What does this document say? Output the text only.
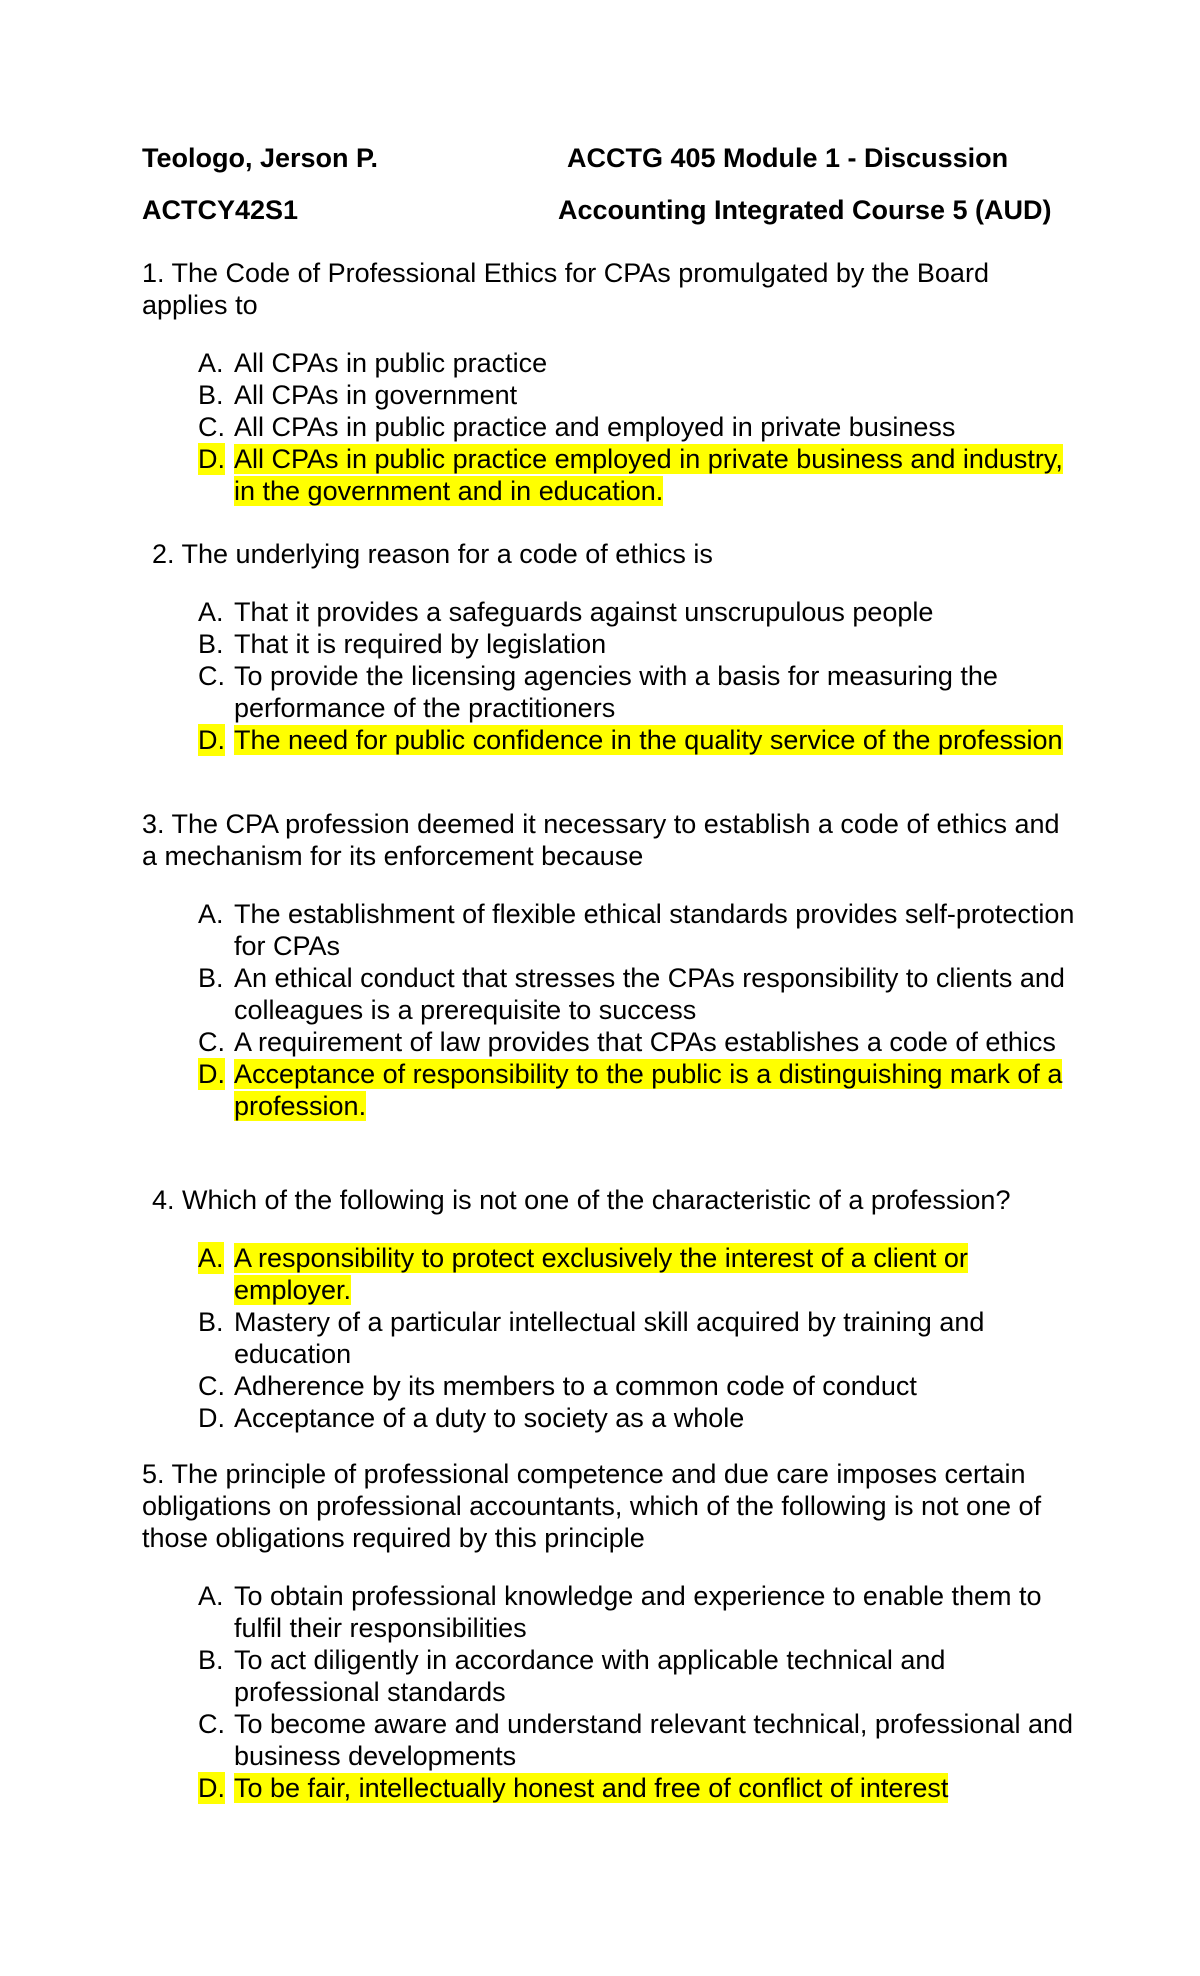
Teologo, Jerson P.
ACTCY42S1
ACCTG 405 Module 1 - Discussion
Accounting Integrated Course 5 (AUD)

1. The Code of Professional Ethics for CPAs promulgated by the Board applies to

A. All CPAs in public practice
B. All CPAs in government
C. All CPAs in public practice and employed in private business
D. All CPAs in public practice employed in private business and industry, in the government and in education.

2. The underlying reason for a code of ethics is

A. That it provides a safeguards against unscrupulous people
B. That it is required by legislation
C. To provide the licensing agencies with a basis for measuring the performance of the practitioners
D. The need for public confidence in the quality service of the profession

3. The CPA profession deemed it necessary to establish a code of ethics and a mechanism for its enforcement because

A. The establishment of flexible ethical standards provides self-protection for CPAs
B. An ethical conduct that stresses the CPAs responsibility to clients and colleagues is a prerequisite to success
C. A requirement of law provides that CPAs establishes a code of ethics
D. Acceptance of responsibility to the public is a distinguishing mark of a profession.

4. Which of the following is not one of the characteristic of a profession?

A. A responsibility to protect exclusively the interest of a client or employer.
B. Mastery of a particular intellectual skill acquired by training and education
C. Adherence by its members to a common code of conduct
D. Acceptance of a duty to society as a whole

5. The principle of professional competence and due care imposes certain obligations on professional accountants, which of the following is not one of those obligations required by this principle

A. To obtain professional knowledge and experience to enable them to fulfil their responsibilities
B. To act diligently in accordance with applicable technical and professional standards
C. To become aware and understand relevant technical, professional and business developments
D. To be fair, intellectually honest and free of conflict of interest
